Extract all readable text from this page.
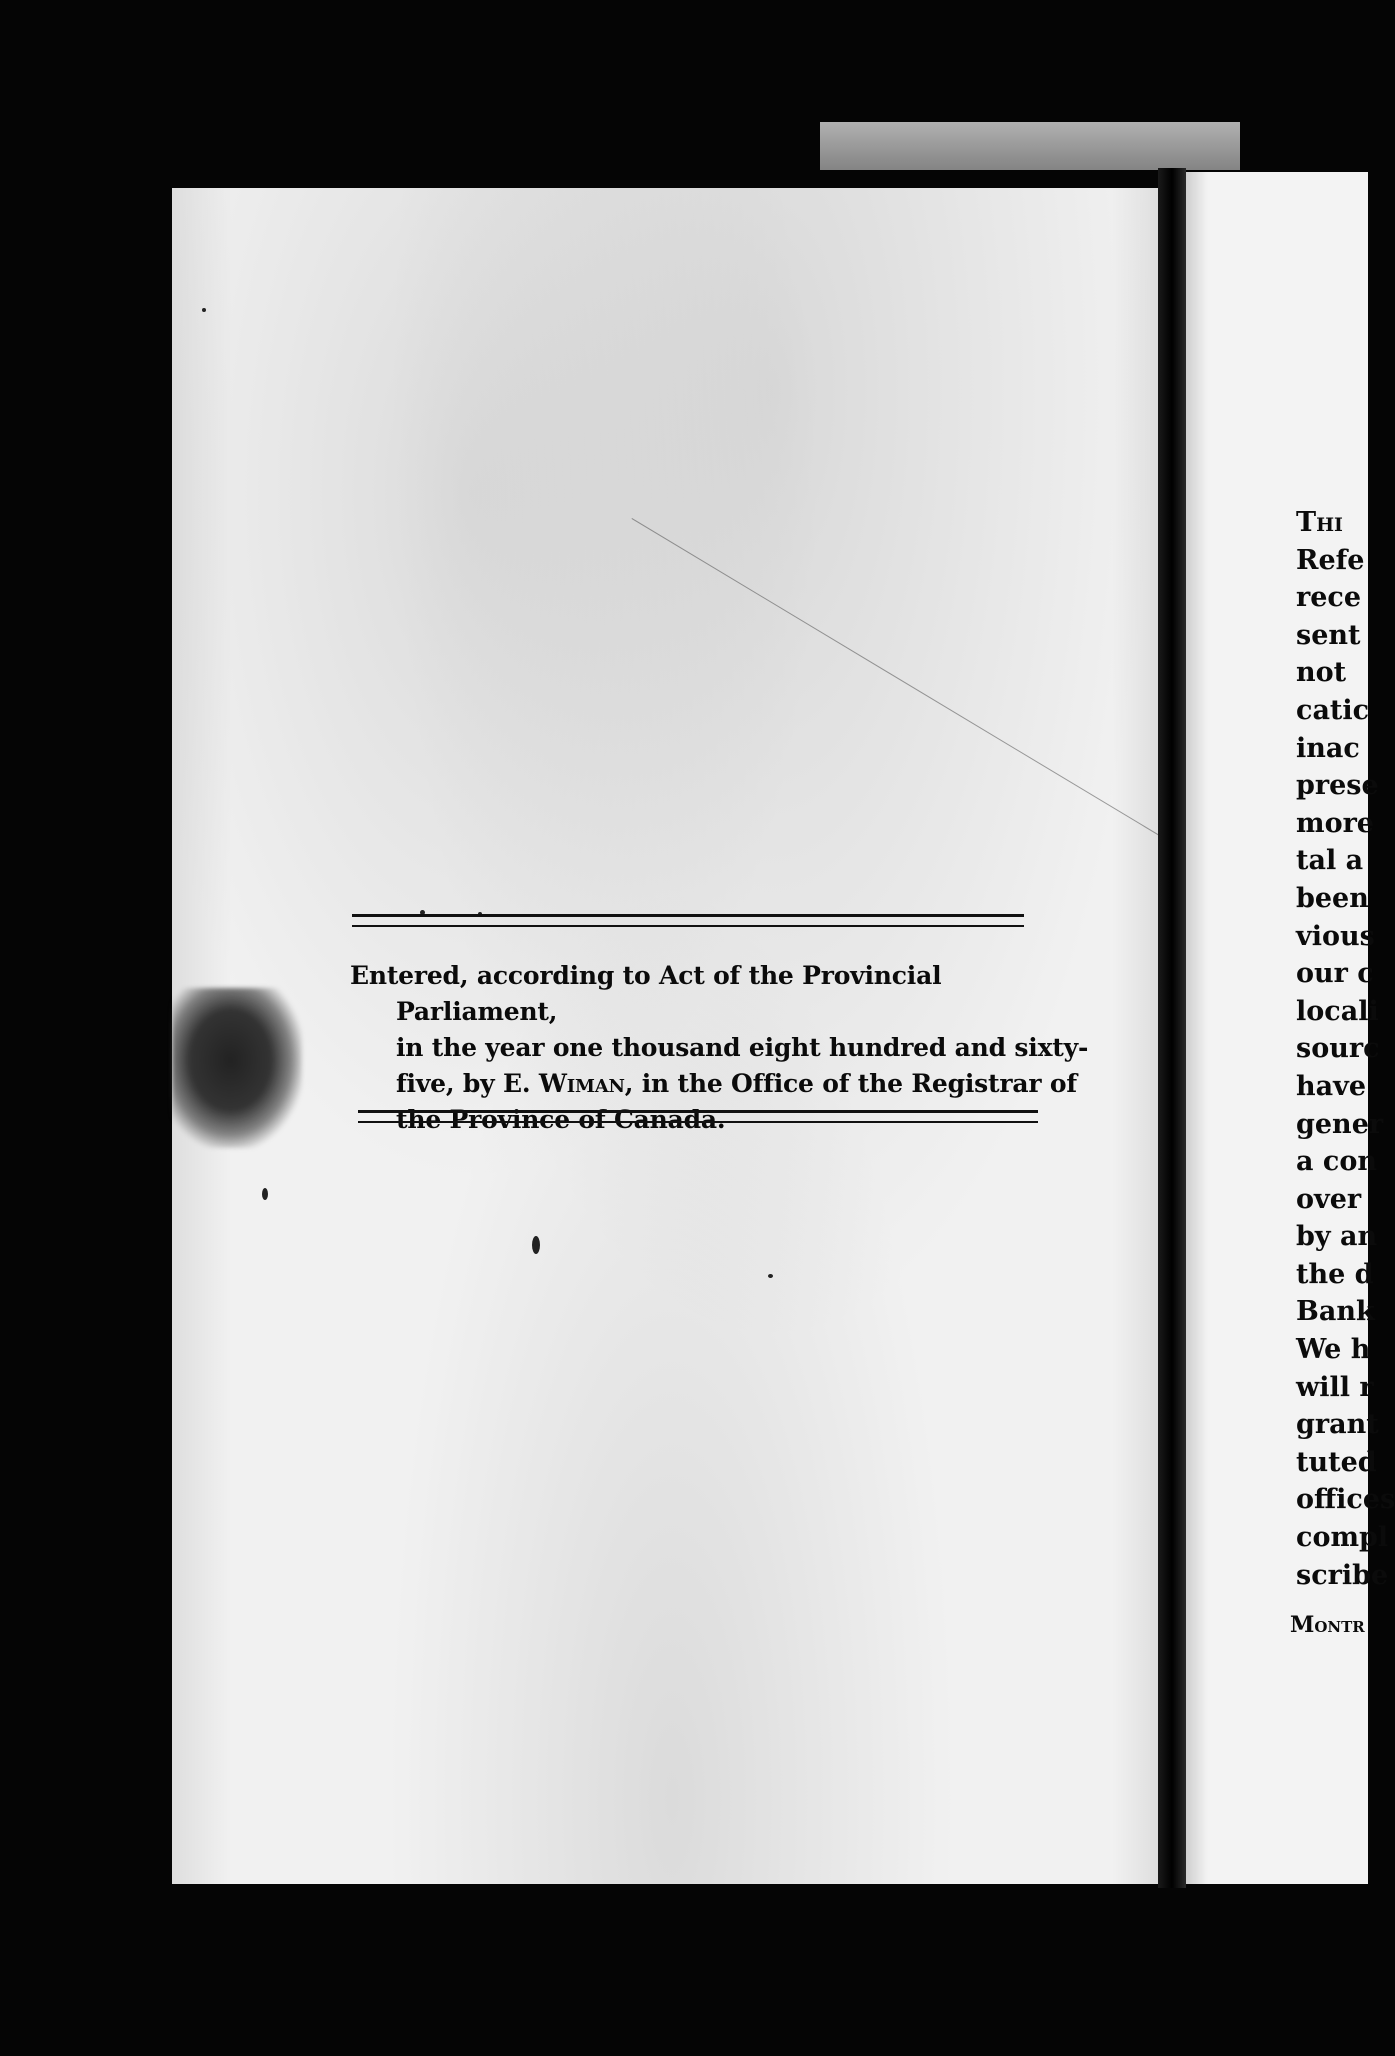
Entered, according to Act of the Provincial Parliament,
in the year one thousand eight hundred and sixty-
five, by E. Wiman, in the Office of the Registrar of
the Province of Canada.
Thi
Refe
rece
sent
not
catic
inac
prese
more
tal a
been
vious
our c
locali
sourc
have
gener
a con
over
by an
the d
Bank
We h
will r
grant
tuted
offices
compl
scribe
Montr
